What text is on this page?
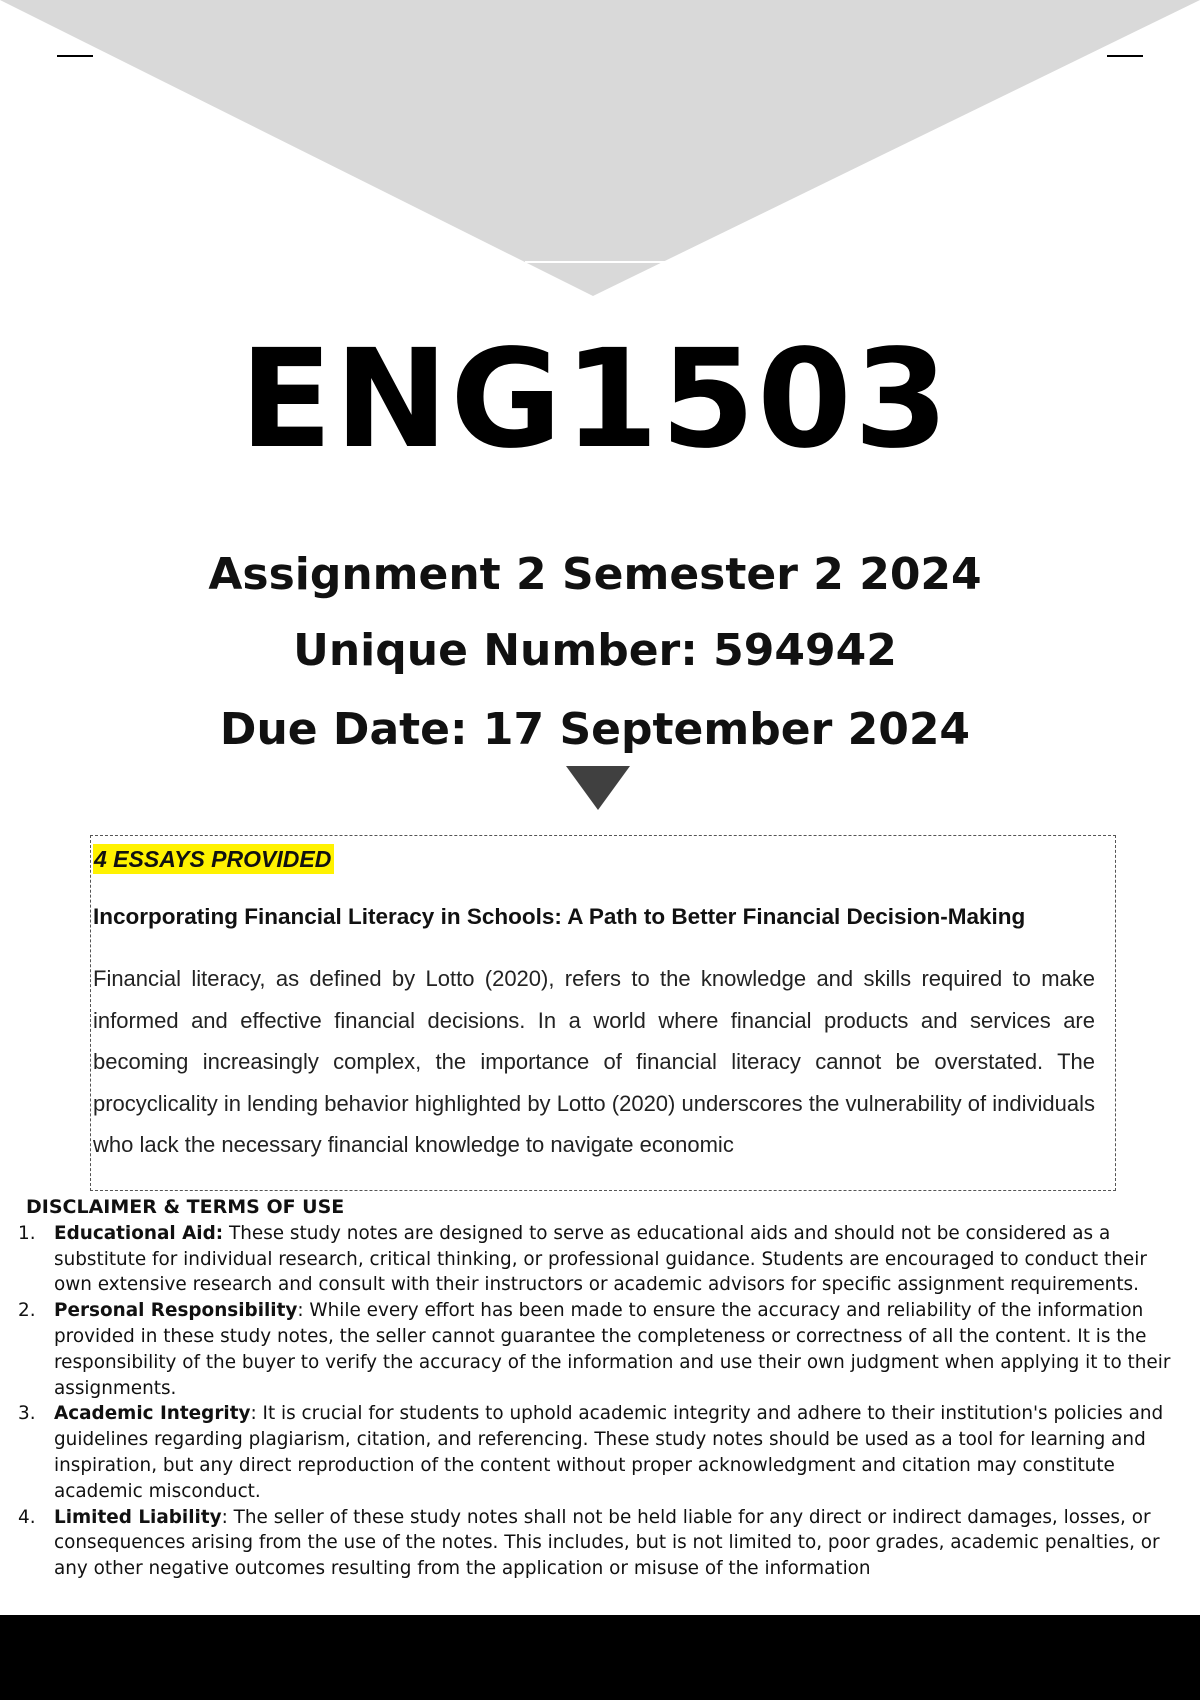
ENG1503
Assignment 2 Semester 2 2024
Unique Number: 594942
Due Date: 17 September 2024
4 ESSAYS PROVIDED
Incorporating Financial Literacy in Schools: A Path to Better Financial Decision-Making
Financial literacy, as defined by Lotto (2020), refers to the knowledge and skills required to make informed and effective financial decisions. In a world where financial products and services are becoming increasingly complex, the importance of financial literacy cannot be overstated. The procyclicality in lending behavior highlighted by Lotto (2020) underscores the vulnerability of individuals who lack the necessary financial knowledge to navigate economic
DISCLAIMER & TERMS OF USE
1.	Educational Aid: These study notes are designed to serve as educational aids and should not be considered as a substitute for individual research, critical thinking, or professional guidance. Students are encouraged to conduct their own extensive research and consult with their instructors or academic advisors for specific assignment requirements.
2.	Personal Responsibility: While every effort has been made to ensure the accuracy and reliability of the information provided in these study notes, the seller cannot guarantee the completeness or correctness of all the content. It is the responsibility of the buyer to verify the accuracy of the information and use their own judgment when applying it to their assignments.
3.	Academic Integrity: It is crucial for students to uphold academic integrity and adhere to their institution's policies and guidelines regarding plagiarism, citation, and referencing. These study notes should be used as a tool for learning and inspiration, but any direct reproduction of the content without proper acknowledgment and citation may constitute academic misconduct.
4.	Limited Liability: The seller of these study notes shall not be held liable for any direct or indirect damages, losses, or consequences arising from the use of the notes. This includes, but is not limited to, poor grades, academic penalties, or any other negative outcomes resulting from the application or misuse of the information
